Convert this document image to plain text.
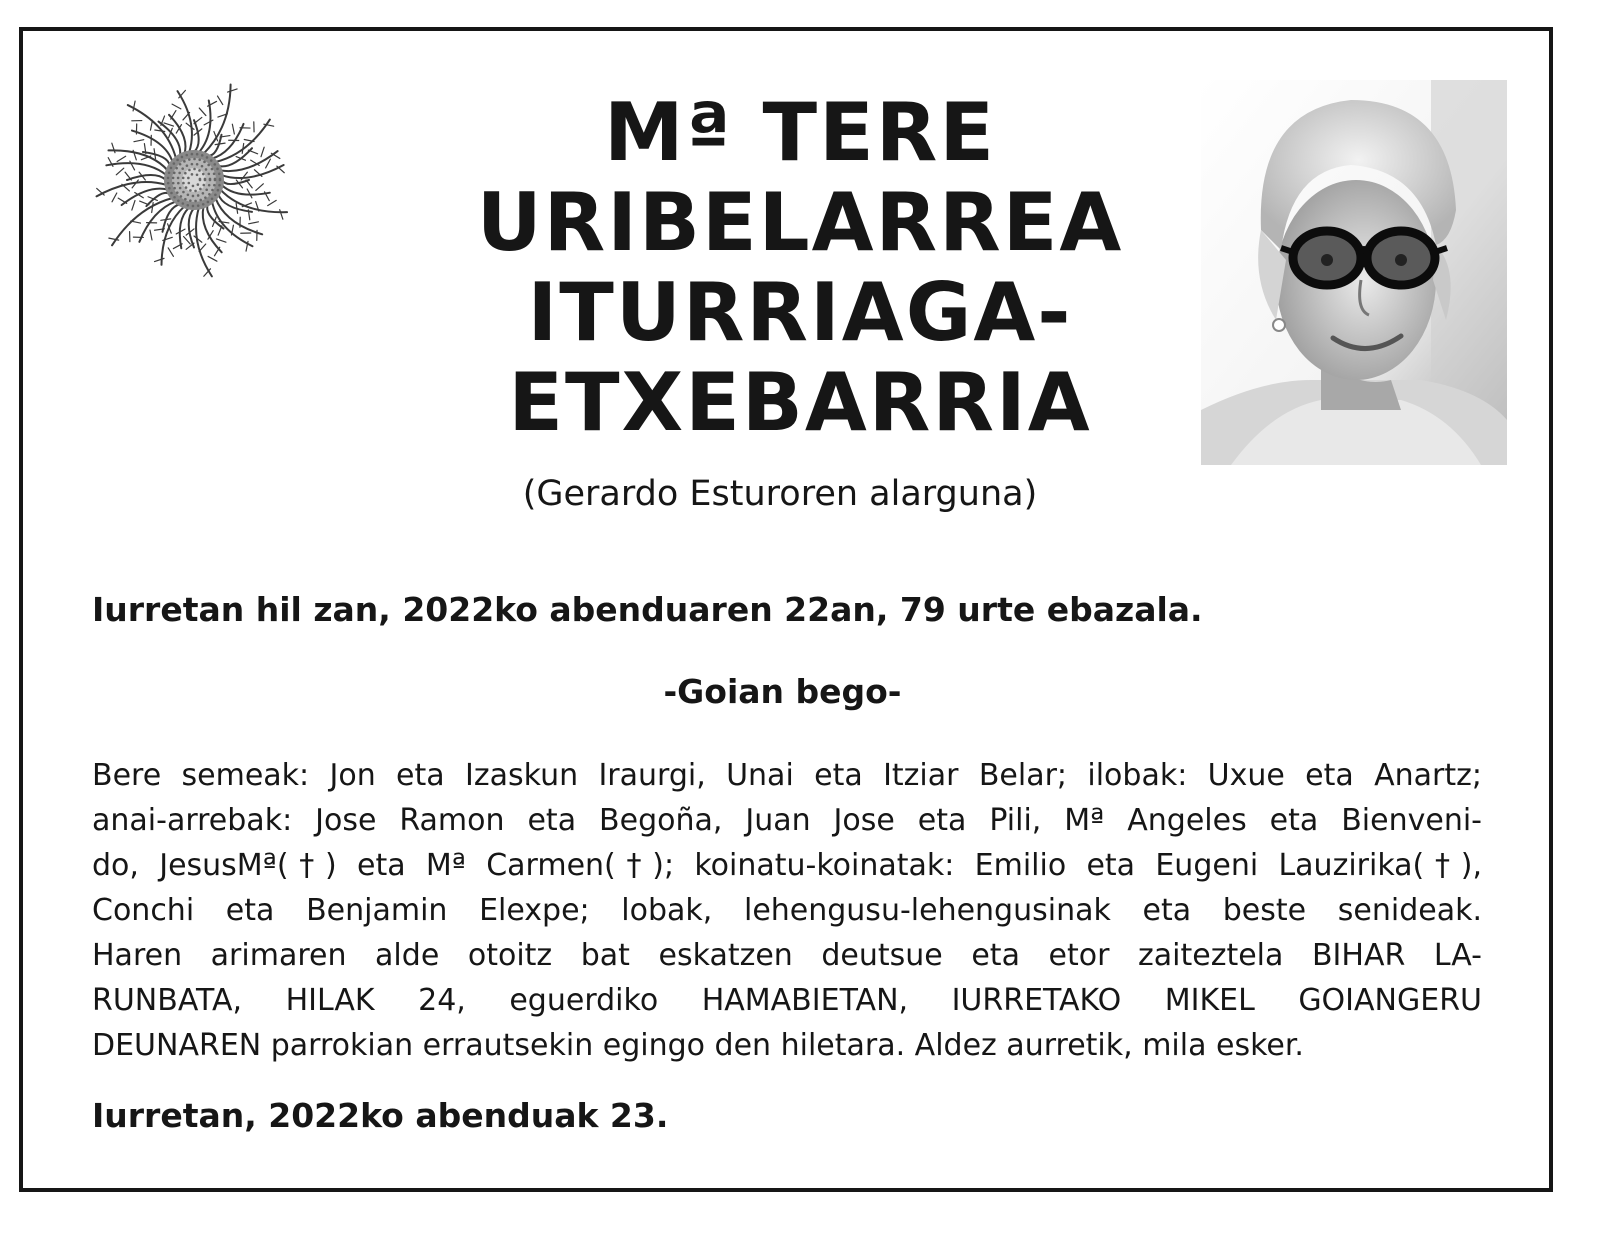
Mª TERE
URIBELARREA
ITURRIAGA-
ETXEBARRIA
(Gerardo Esturoren alarguna)
Iurretan hil zan, 2022ko abenduaren 22an, 79 urte ebazala.
-Goian bego-

Bere semeak: Jon eta Izaskun Iraurgi, Unai eta Itziar Belar; ilobak: Uxue eta Anartz;
anai-arrebak: Jose Ramon eta Begoña, Juan Jose eta Pili, Mª Angeles eta Bienveni-
do, JesusMª(†) eta Mª Carmen(†); koinatu-koinatak: Emilio eta Eugeni Lauzirika(†),
Conchi eta Benjamin Elexpe; lobak, lehengusu-lehengusinak eta beste senideak.
Haren arimaren alde otoitz bat eskatzen deutsue eta etor zaiteztela BIHAR LA-
RUNBATA, HILAK 24, eguerdiko HAMABIETAN, IURRETAKO MIKEL GOIANGERU
DEUNAREN parrokian errautsekin egingo den hiletara. Aldez aurretik, mila esker.

Iurretan, 2022ko abenduak 23.
